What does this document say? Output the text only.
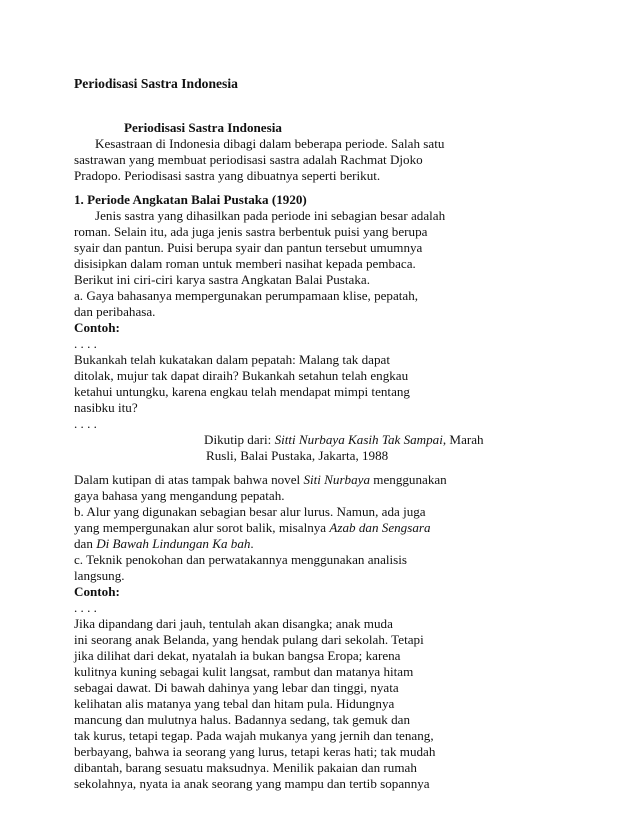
Periodisasi Sastra Indonesia
Periodisasi Sastra Indonesia
Kesastraan di Indonesia dibagi dalam beberapa periode. Salah satu
sastrawan yang membuat periodisasi sastra adalah Rachmat Djoko
Pradopo. Periodisasi sastra yang dibuatnya seperti berikut.
1. Periode Angkatan Balai Pustaka (1920)
Jenis sastra yang dihasilkan pada periode ini sebagian besar adalah
roman. Selain itu, ada juga jenis sastra berbentuk puisi yang berupa
syair dan pantun. Puisi berupa syair dan pantun tersebut umumnya
disisipkan dalam roman untuk memberi nasihat kepada pembaca.
Berikut ini ciri-ciri karya sastra Angkatan Balai Pustaka.
a. Gaya bahasanya mempergunakan perumpamaan klise, pepatah,
dan peribahasa.
Contoh:
. . . .
Bukankah telah kukatakan dalam pepatah: Malang tak dapat
ditolak, mujur tak dapat diraih? Bukankah setahun telah engkau
ketahui untungku, karena engkau telah mendapat mimpi tentang
nasibku itu?
. . . .
Dikutip dari: Sitti Nurbaya Kasih Tak Sampai, Marah
Rusli, Balai Pustaka, Jakarta, 1988
Dalam kutipan di atas tampak bahwa novel Siti Nurbaya menggunakan
gaya bahasa yang mengandung pepatah.
b. Alur yang digunakan sebagian besar alur lurus. Namun, ada juga
yang mempergunakan alur sorot balik, misalnya Azab dan Sengsara
dan Di Bawah Lindungan Ka bah.
c. Teknik penokohan dan perwatakannya menggunakan analisis
langsung.
Contoh:
. . . .
Jika dipandang dari jauh, tentulah akan disangka; anak muda
ini seorang anak Belanda, yang hendak pulang dari sekolah. Tetapi
jika dilihat dari dekat, nyatalah ia bukan bangsa Eropa; karena
kulitnya kuning sebagai kulit langsat, rambut dan matanya hitam
sebagai dawat. Di bawah dahinya yang lebar dan tinggi, nyata
kelihatan alis matanya yang tebal dan hitam pula. Hidungnya
mancung dan mulutnya halus. Badannya sedang, tak gemuk dan
tak kurus, tetapi tegap. Pada wajah mukanya yang jernih dan tenang,
berbayang, bahwa ia seorang yang lurus, tetapi keras hati; tak mudah
dibantah, barang sesuatu maksudnya. Menilik pakaian dan rumah
sekolahnya, nyata ia anak seorang yang mampu dan tertib sopannya
